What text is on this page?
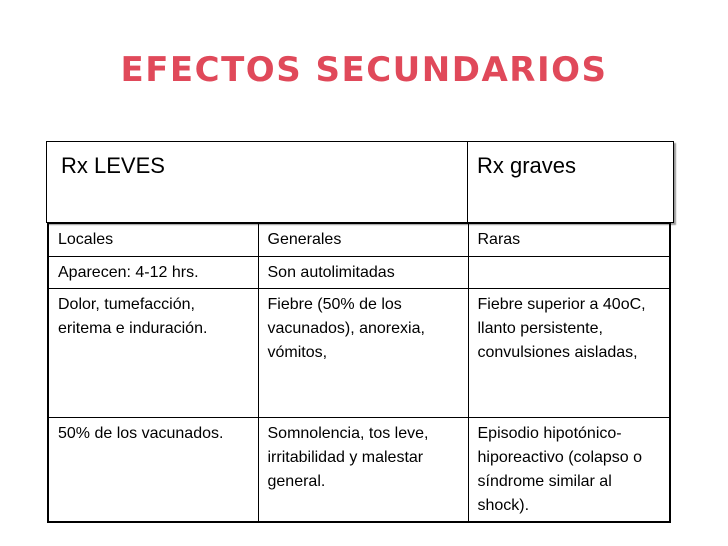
EFECTOS SECUNDARIOS
Rx LEVES	Rx graves
Locales	Generales	Raras
Aparecen: 4-12 hrs.	Son autolimitadas	
Dolor, tumefacción, eritema e induración.	Fiebre (50% de los vacunados), anorexia, vómitos,	Fiebre superior a 40oC, llanto persistente, convulsiones aisladas,
50% de los vacunados.	Somnolencia, tos leve, irritabilidad y malestar general.	Episodio hipotónico-hiporeactivo (colapso o síndrome similar al shock).
